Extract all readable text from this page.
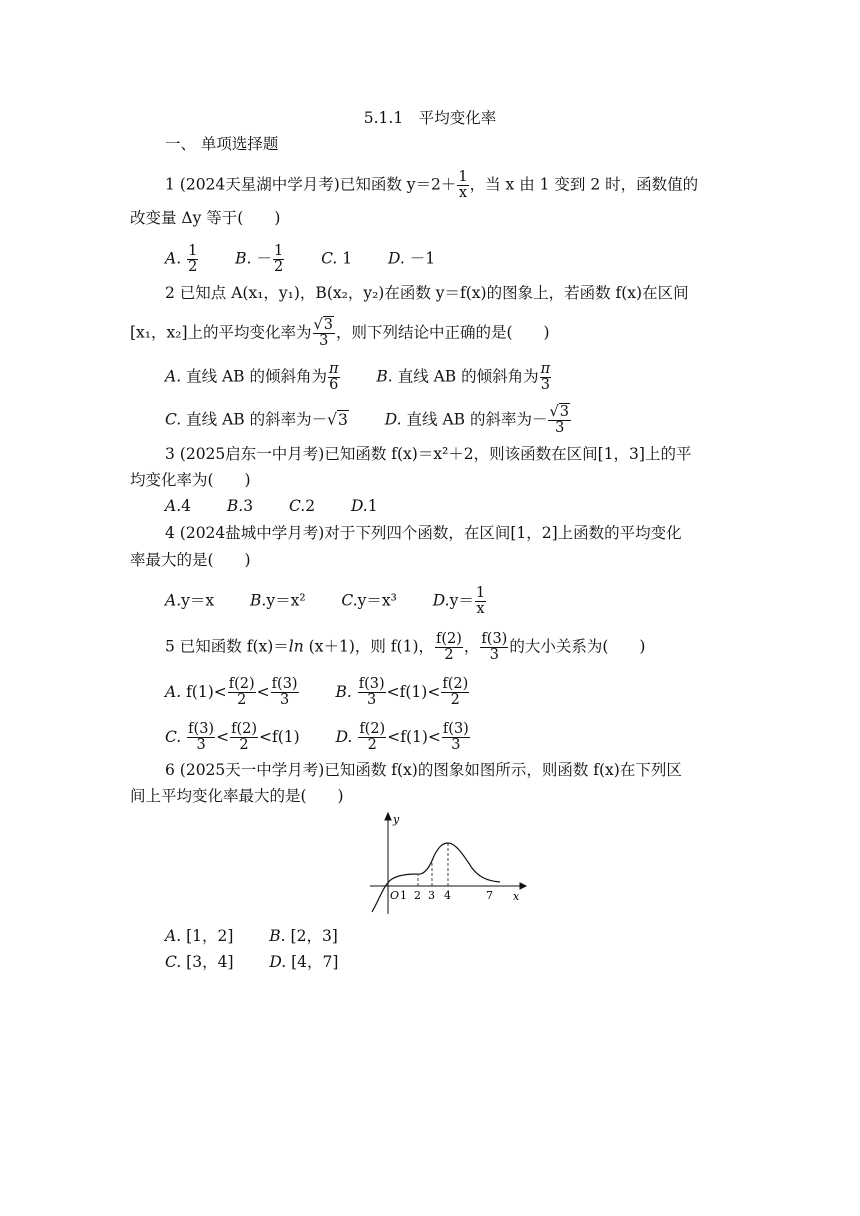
5.1.1　平均变化率
一、 单项选择题
1 (2024天星湖中学月考)已知函数 $y=2+ \frac{1}{x}$ ，当 x 由 1 变到 2 时，函数值的
改变量 Δy 等于(　　)
A. $\frac{1}{2} B$. － $\frac{1}{2} C$. 1 D. －1
2 已知点 A(x₁，y₁)，B(x₂，y₂)在函数 y＝f(x)的图象上，若函数 f(x)在区间
[x₁，x₂]上的平均变化率为 $\frac{√3}{3}$ ，则下列结论中正确的是(　　)
A. 直线 AB 的倾斜角为 $\frac{\pi}{6} B$. 直线 AB 的倾斜角为 $\frac{\pi}{3}$
C. 直线 AB 的斜率为－√3 D. 直线 AB 的斜率为－ $\frac{√3}{3}$
3 (2025启东一中月考)已知函数 f(x)＝x²＋2，则该函数在区间[1，3]上的平
均变化率为(　　)
A.4 B.3 C.2 D.1
4 (2024盐城中学月考)对于下列四个函数，在区间[1，2]上函数的平均变化
率最大的是(　　)
A.y＝x B.y＝x² C.y＝x³ $D.y= \frac{1}{x}$
5 已知函数 f(x)＝ln (x＋1)，则 f(1)， $\frac{f(2)}{2}$ ， $\frac{f(3)}{3}$ 的大小关系为(　　)
A. $f(1)< \frac{f(2)}{2} < \frac{f(3)}{3} B$. $\frac{f(3)}{3} <f(1)< \frac{f(2)}{2}$
C. $\frac{f(3)}{3} < \frac{f(2)}{2} <f(1)$ D. $\frac{f(2)}{2} <f(1)< \frac{f(3)}{3}$
6 (2025天一中学月考)已知函数 f(x)的图象如图所示，则函数 f(x)在下列区
间上平均变化率最大的是(　　)
y
x
O 1 2 3 4	7
A. [1，2] B. [2，3]
C. [3，4] D. [4，7]
